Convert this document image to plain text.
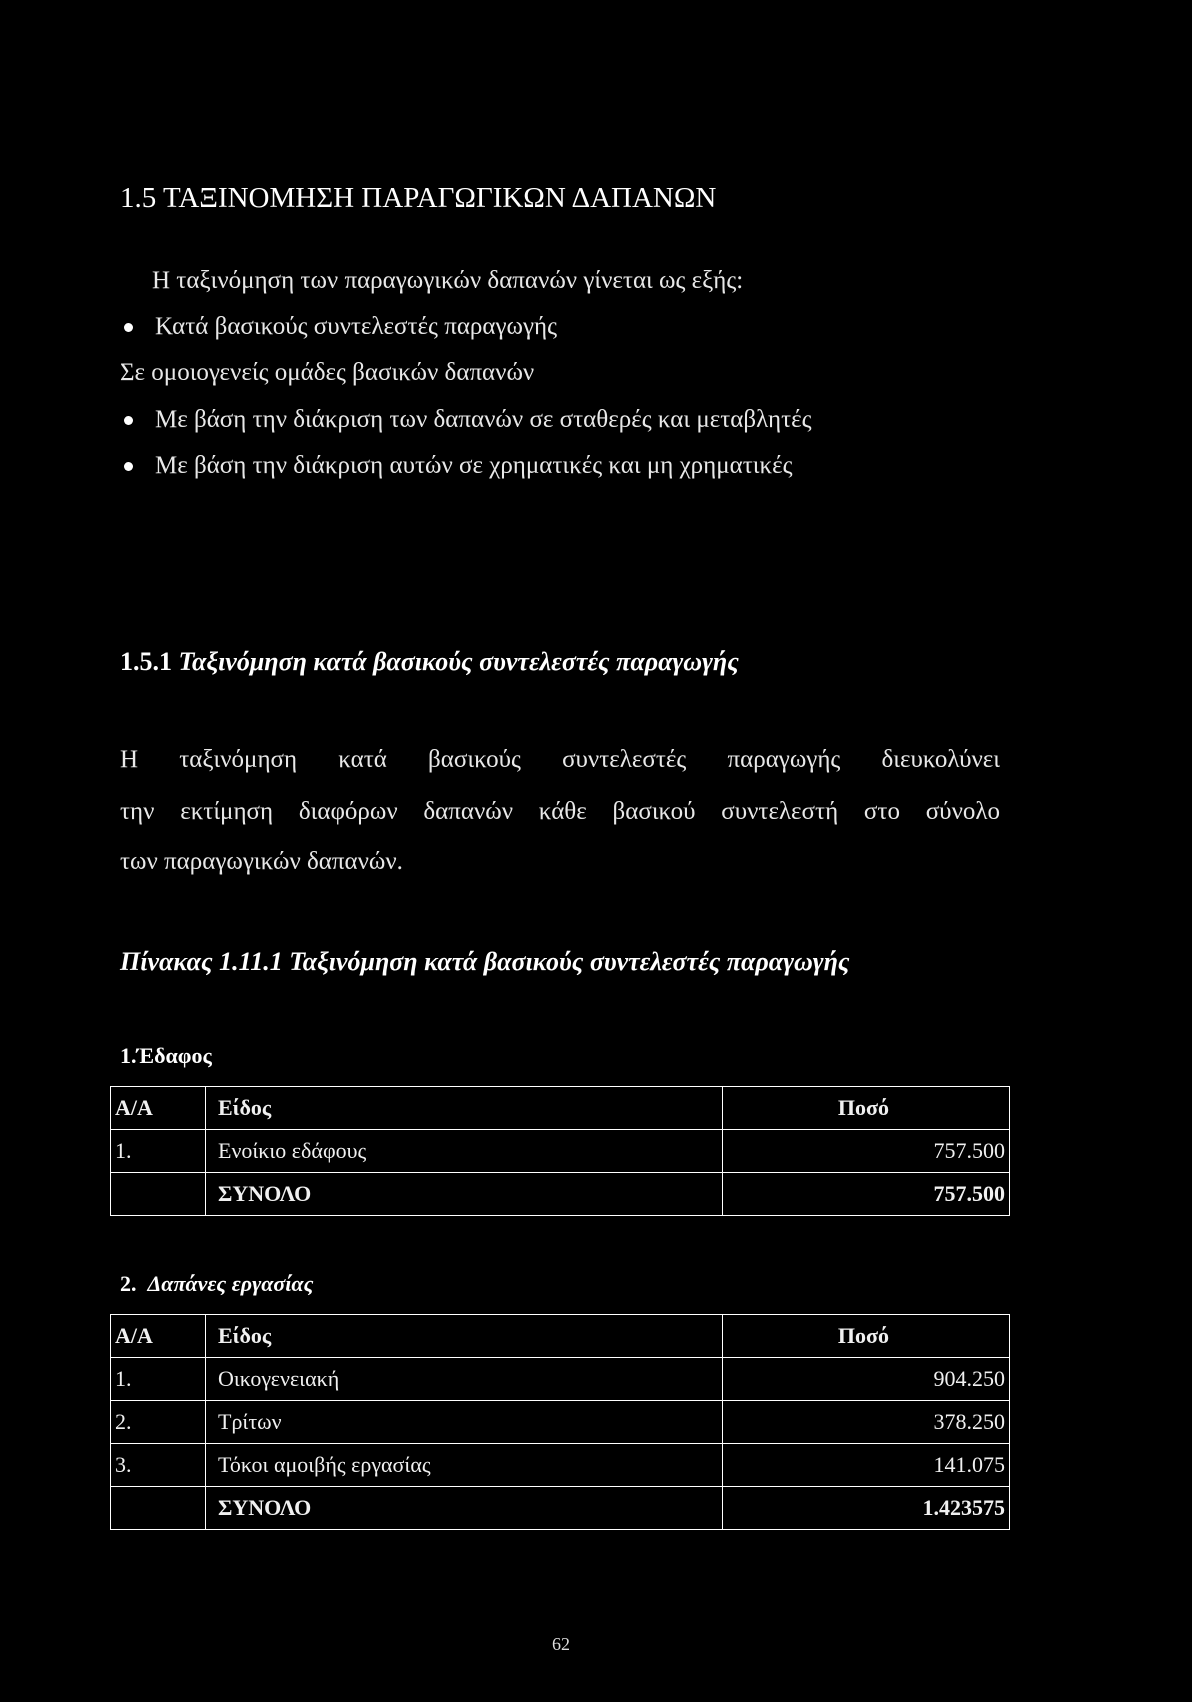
1.5 ΤΑΞΙΝΟΜΗΣΗ ΠΑΡΑΓΩΓΙΚΩΝ ΔΑΠΑΝΩΝ
Η ταξινόμηση των παραγωγικών δαπανών γίνεται ως εξής:
Κατά βασικούς συντελεστές παραγωγής
Σε ομοιογενείς ομάδες βασικών δαπανών
Με βάση την διάκριση των δαπανών σε σταθερές και μεταβλητές
Με βάση την διάκριση αυτών σε χρηματικές και μη χρηματικές
1.5.1 Ταξινόμηση κατά βασικούς συντελεστές παραγωγής
Η ταξινόμηση κατά βασικούς συντελεστές παραγωγής διευκολύνει
την εκτίμηση διαφόρων δαπανών κάθε βασικού συντελεστή στο σύνολο
των παραγωγικών δαπανών.
Πίνακας 1.11.1 Ταξινόμηση κατά βασικούς συντελεστές παραγωγής
1.Έδαφος
Α/Α	Είδος	Ποσό
1.	Ενοίκιο εδάφους	757.500
	ΣΥΝΟΛΟ	757.500
2. Δαπάνες εργασίας
Α/Α	Είδος	Ποσό
1.	Οικογενειακή	904.250
2.	Τρίτων	378.250
3.	Τόκοι αμοιβής εργασίας	141.075
	ΣΥΝΟΛΟ	1.423575
62
